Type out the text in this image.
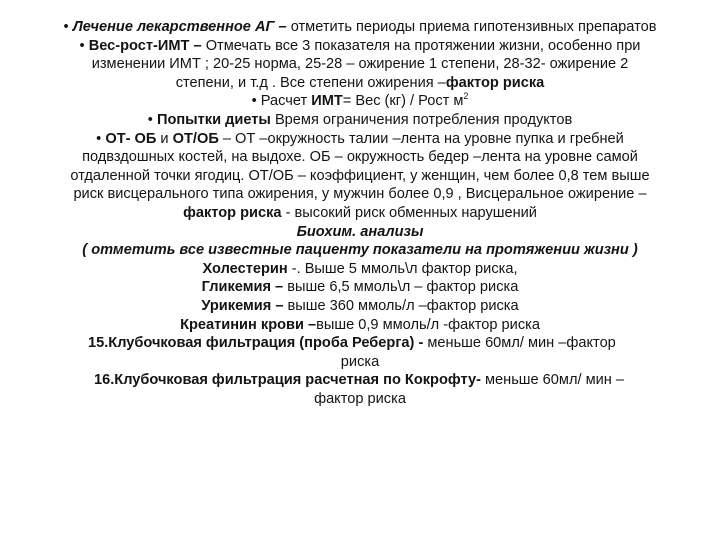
• Лечение лекарственное АГ – отметить периоды приема гипотензивных препаратов
• Вес-рост-ИМТ – Отмечать все 3 показателя на протяжении жизни, особенно при
изменении ИМТ ; 20-25 норма, 25-28 – ожирение 1 степени, 28-32- ожирение 2
степени, и т.д . Все степени ожирения –фактор риска
• Расчет ИМТ= Вес (кг) / Рост $м^2$
• Попытки диеты Время ограничения потребления продуктов
• ОТ- ОБ и ОТ/ОБ – ОТ –окружность талии –лента на уровне пупка и гребней
подвздошных костей, на выдохе. ОБ – окружность бедер –лента на уровне самой
отдаленной точки ягодиц. ОТ/ОБ – коэффициент, у женщин, чем более 0,8 тем выше
риск висцерального типа ожирения, у мужчин более 0,9 , Висцеральное ожирение –
фактор риска - высокий риск обменных нарушений
Биохим. анализы
( отметить все известные пациенту показатели на протяжении жизни )
Холестерин -. Выше 5 ммоль\л фактор риска,
Гликемия – выше 6,5 ммоль\л – фактор риска
Урикемия – выше 360 ммоль/л –фактор риска
Креатинин крови –выше 0,9 ммоль/л -фактор риска
15.Клубочковая фильтрация (проба Реберга) - меньше 60мл/ мин –фактор
риска
16.Клубочковая фильтрация расчетная по Кокрофту- меньше 60мл/ мин –
фактор риска
